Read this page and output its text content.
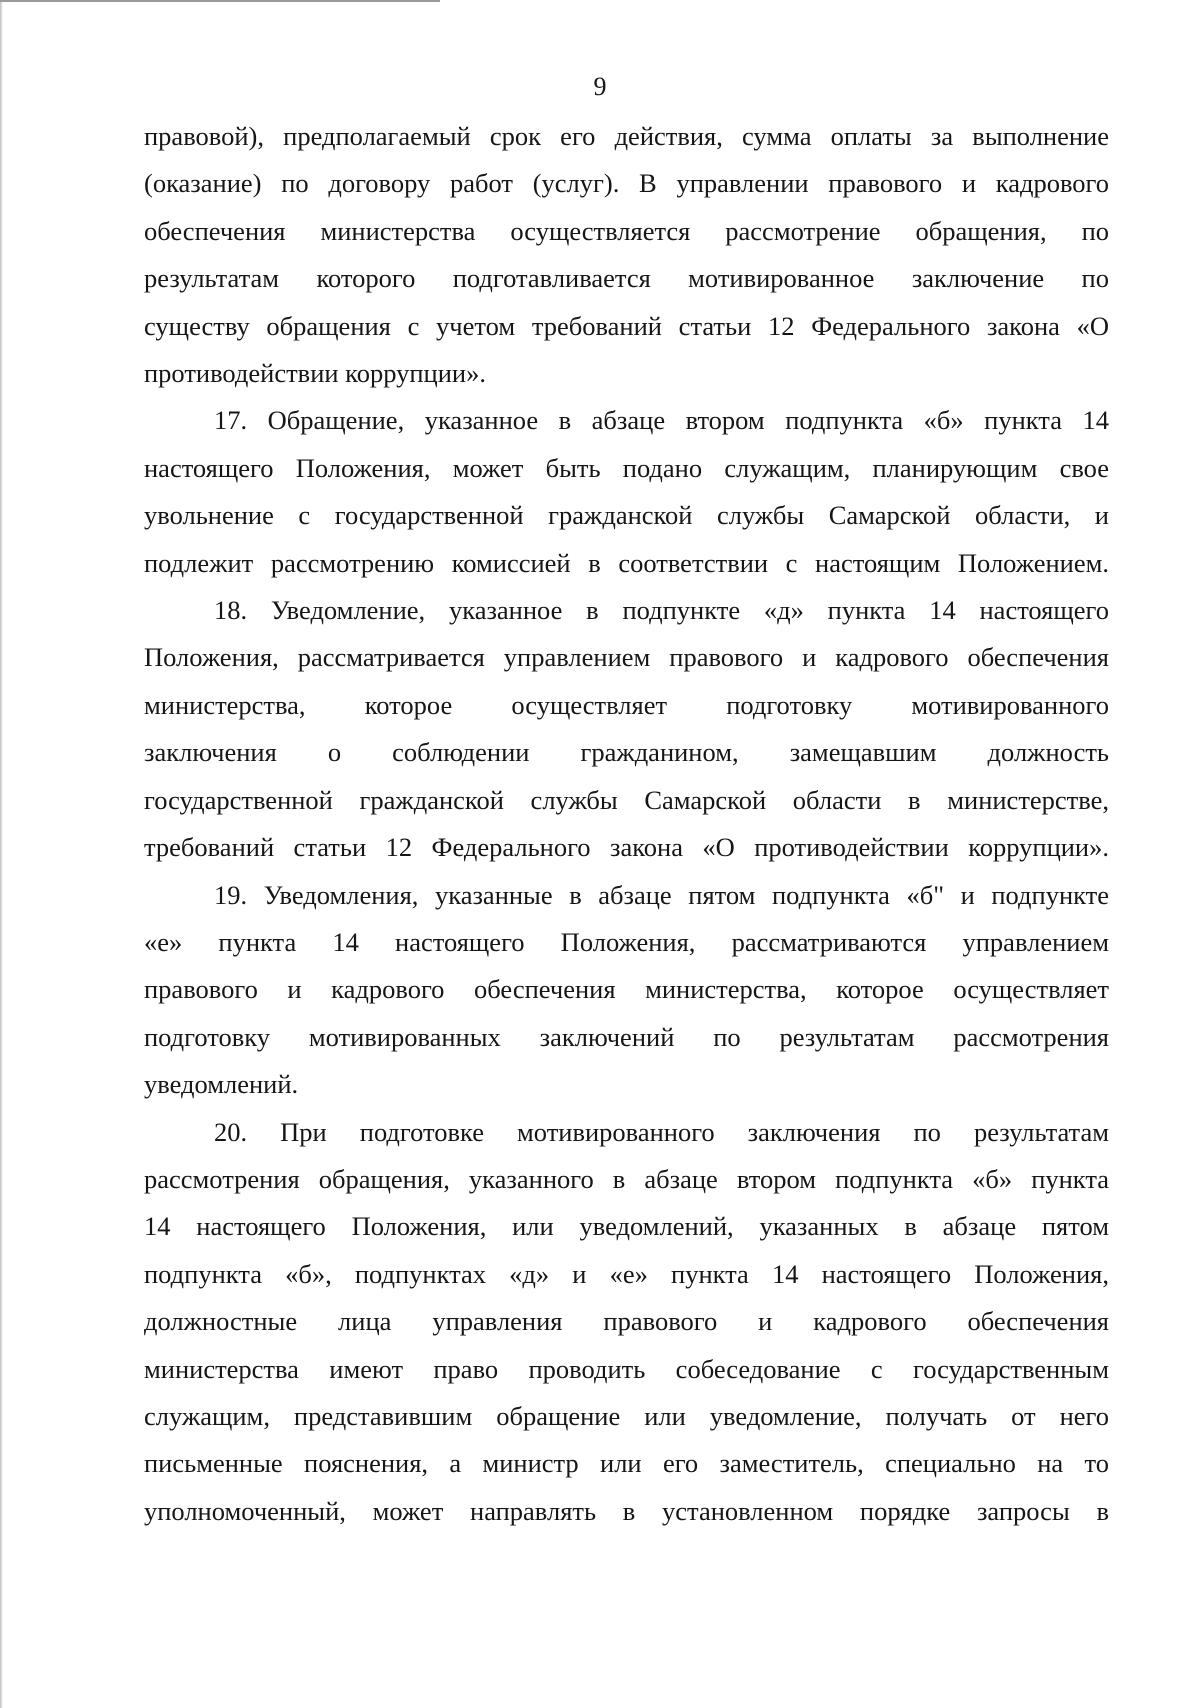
9
правовой), предполагаемый срок его действия, сумма оплаты за выполнение
(оказание) по договору работ (услуг). В управлении правового и кадрового
обеспечения министерства осуществляется рассмотрение обращения, по
результатам которого подготавливается мотивированное заключение по
существу обращения с учетом требований статьи 12 Федерального закона «О
противодействии коррупции».
17. Обращение, указанное в абзаце втором подпункта «б» пункта 14
настоящего Положения, может быть подано служащим, планирующим свое
увольнение с государственной гражданской службы Самарской области, и
подлежит рассмотрению комиссией в соответствии с настоящим Положением.
18. Уведомление, указанное в подпункте «д» пункта 14 настоящего
Положения, рассматривается управлением правового и кадрового обеспечения
министерства, которое осуществляет подготовку мотивированного
заключения о соблюдении гражданином, замещавшим должность
государственной гражданской службы Самарской области в министерстве,
требований статьи 12 Федерального закона «О противодействии коррупции».
19. Уведомления, указанные в абзаце пятом подпункта «б" и подпункте
«е» пункта 14 настоящего Положения, рассматриваются управлением
правового и кадрового обеспечения министерства, которое осуществляет
подготовку мотивированных заключений по результатам рассмотрения
уведомлений.
20. При подготовке мотивированного заключения по результатам
рассмотрения обращения, указанного в абзаце втором подпункта «б» пункта
14 настоящего Положения, или уведомлений, указанных в абзаце пятом
подпункта «б», подпунктах «д» и «е» пункта 14 настоящего Положения,
должностные лица управления правового и кадрового обеспечения
министерства имеют право проводить собеседование с государственным
служащим, представившим обращение или уведомление, получать от него
письменные пояснения, а министр или его заместитель, специально на то
уполномоченный, может направлять в установленном порядке запросы в
